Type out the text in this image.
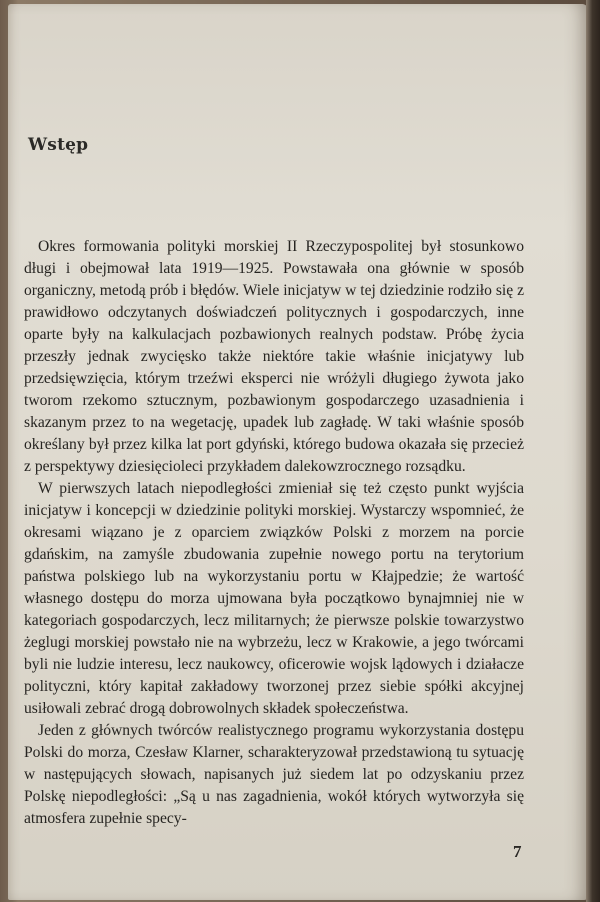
Wstęp

Okres formowania polityki morskiej II Rzeczypospolitej był stosunkowo długi i obejmował lata 1919—1925. Powstawała ona głównie w sposób organiczny, metodą prób i błędów. Wiele inicjatyw w tej dziedzinie rodziło się z prawidłowo odczytanych doświadczeń politycznych i gospodarczych, inne oparte były na kalkulacjach pozbawionych realnych podstaw. Próbę życia przeszły jednak zwycięsko także niektóre takie właśnie inicjatywy lub przedsięwzięcia, którym trzeźwi eksperci nie wróżyli długiego żywota jako tworom rzekomo sztucznym, pozbawionym gospodarczego uzasadnienia i skazanym przez to na wegetację, upadek lub zagładę. W taki właśnie sposób określany był przez kilka lat port gdyński, którego budowa okazała się przecież z perspektywy dziesięcioleci przykładem dalekowzrocznego rozsądku.

W pierwszych latach niepodległości zmieniał się też często punkt wyjścia inicjatyw i koncepcji w dziedzinie polityki morskiej. Wystarczy wspomnieć, że okresami wiązano je z oparciem związków Polski z morzem na porcie gdańskim, na zamyśle zbudowania zupełnie nowego portu na terytorium państwa polskiego lub na wykorzystaniu portu w Kłajpedzie; że wartość własnego dostępu do morza ujmowana była początkowo bynajmniej nie w kategoriach gospodarczych, lecz militarnych; że pierwsze polskie towarzystwo żeglugi morskiej powstało nie na wybrzeżu, lecz w Krakowie, a jego twórcami byli nie ludzie interesu, lecz naukowcy, oficerowie wojsk lądowych i działacze polityczni, który kapitał zakładowy tworzonej przez siebie spółki akcyjnej usiłowali zebrać drogą dobrowolnych składek społeczeństwa.

Jeden z głównych twórców realistycznego programu wykorzystania dostępu Polski do morza, Czesław Klarner, scharakteryzował przedstawioną tu sytuację w następujących słowach, napisanych już siedem lat po odzyskaniu przez Polskę niepodległości: „Są u nas zagadnienia, wokół których wytworzyła się atmosfera zupełnie specy-

7
